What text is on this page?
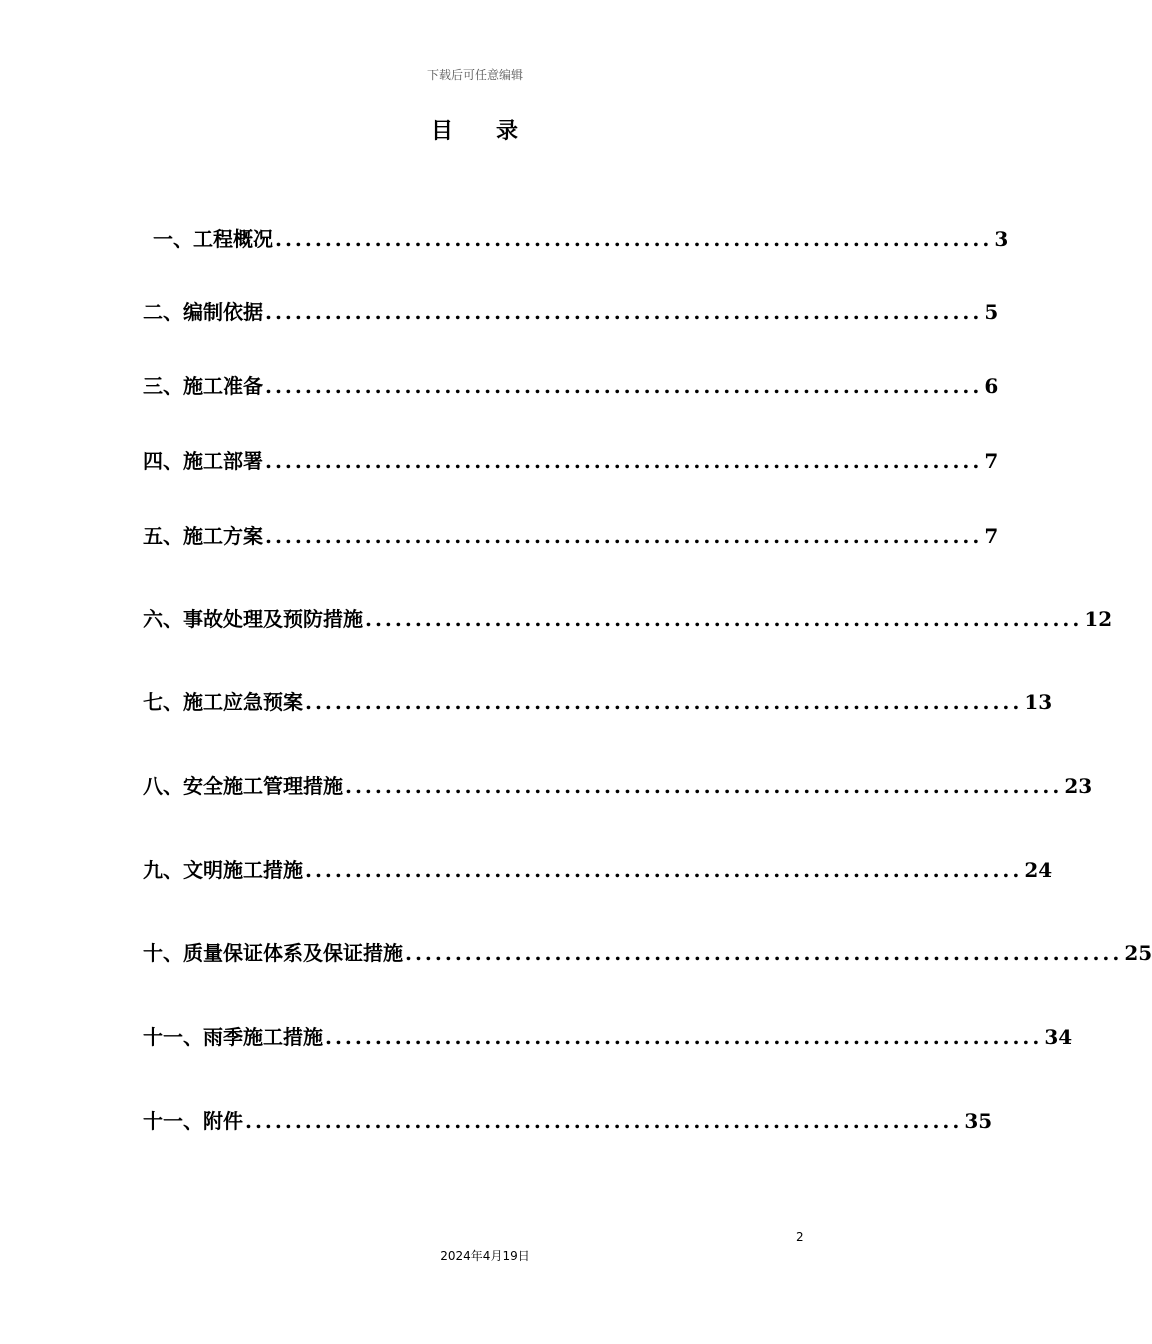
下载后可任意编辑
目 录
一、工程概况 ........................................................................ 3
二、编制依据 ........................................................................ 5
三、施工准备 ........................................................................ 6
四、施工部署 ........................................................................ 7
五、施工方案 ........................................................................ 7
六、事故处理及预防措施 ........................................................................ 12
七、施工应急预案 ........................................................................ 13
八、安全施工管理措施 ........................................................................ 23
九、文明施工措施 ........................................................................ 24
十、质量保证体系及保证措施 ........................................................................ 25
十一、雨季施工措施 ........................................................................ 34
十一、附件 ........................................................................ 35
2
2024年4月19日
